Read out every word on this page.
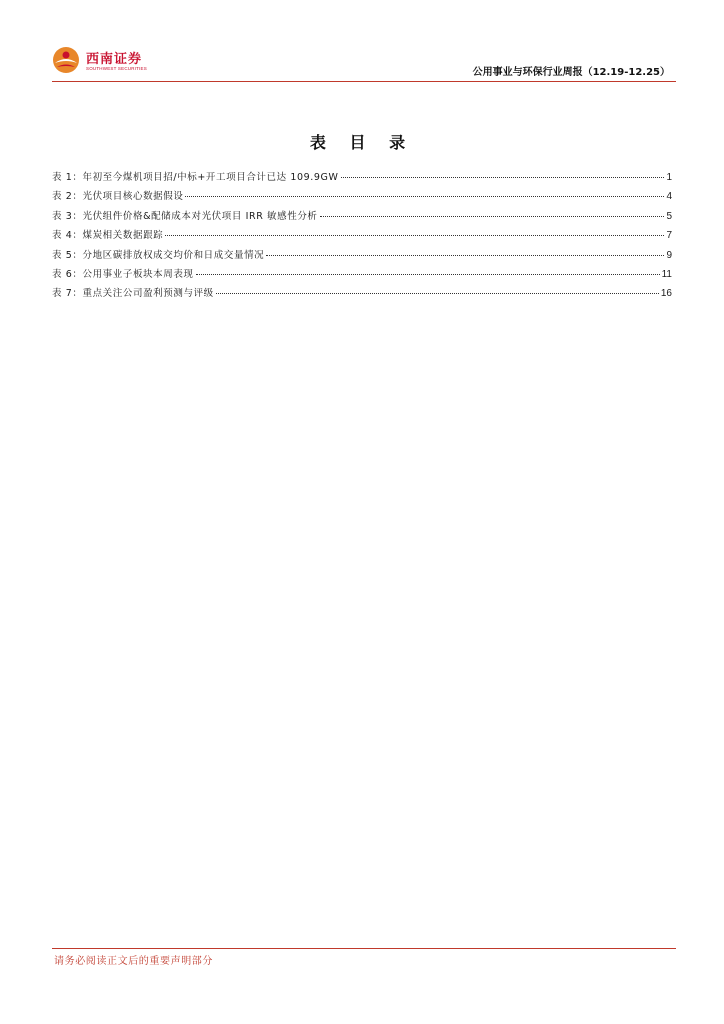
西南证券
SOUTHWEST SECURITIES	公用事业与环保行业周报（12.19-12.25）
表 目 录
表 1： 年初至今煤机项目招/中标+开工项目合计已达 109.9GW	1
表 2： 光伏项目核心数据假设	4
表 3： 光伏组件价格&配储成本对光伏项目 IRR 敏感性分析	5
表 4： 煤炭相关数据跟踪	7
表 5： 分地区碳排放权成交均价和日成交量情况	9
表 6： 公用事业子板块本周表现	11
表 7： 重点关注公司盈利预测与评级	16
请务必阅读正文后的重要声明部分
